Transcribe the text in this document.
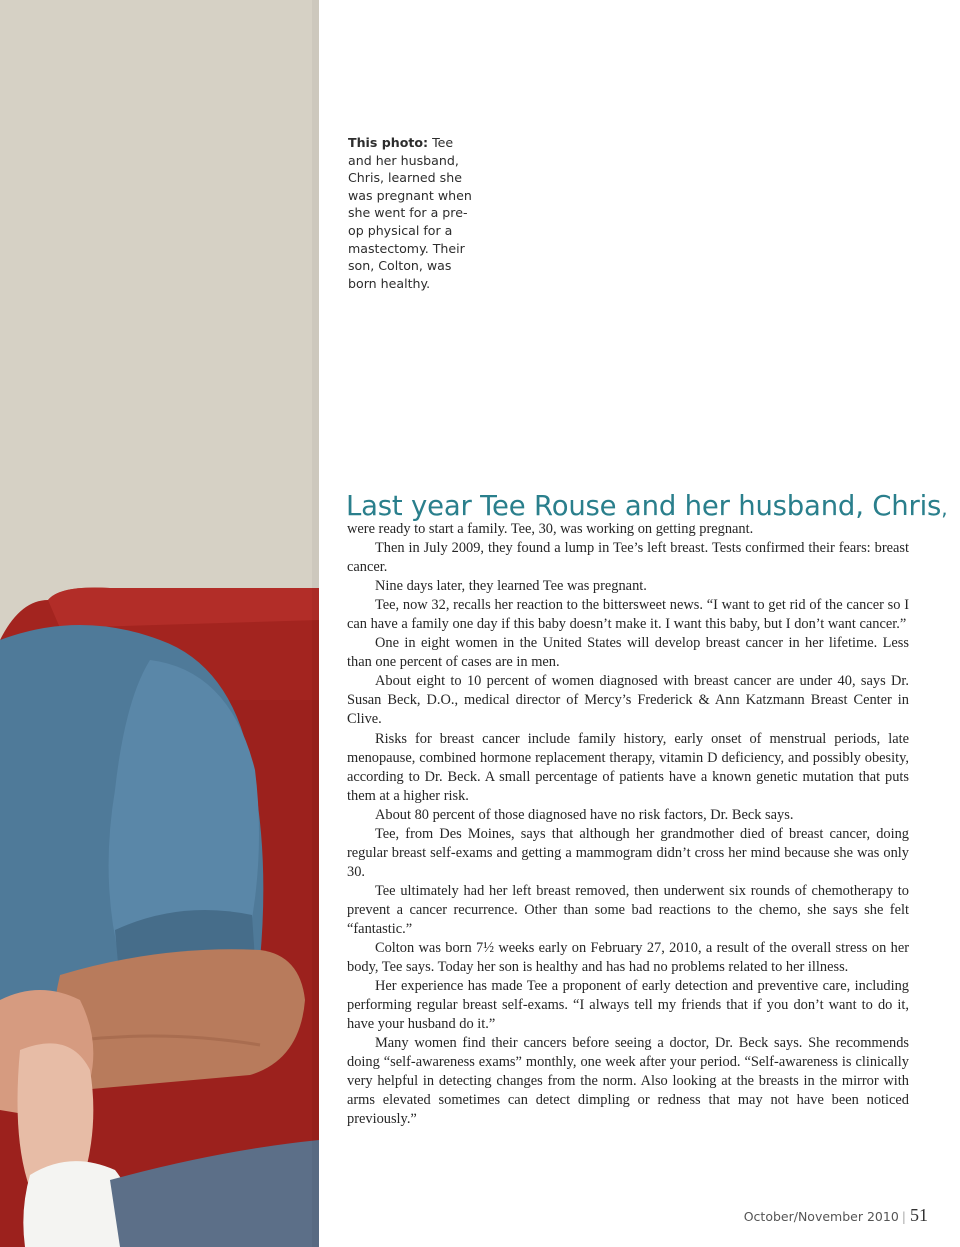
This photo: Tee and her husband, Chris, learned she was pregnant when she went for a pre-op physical for a mastectomy. Their son, Colton, was born healthy.
Last year Tee Rouse and her husband, Chris,

were ready to start a family. Tee, 30, was working on getting pregnant.

Then in July 2009, they found a lump in Tee’s left breast. Tests confirmed their fears: breast cancer.

Nine days later, they learned Tee was pregnant.

Tee, now 32, recalls her reaction to the bittersweet news. “I want to get rid of the cancer so I can have a family one day if this baby doesn’t make it. I want this baby, but I don’t want cancer.”

One in eight women in the United States will develop breast cancer in her lifetime. Less than one percent of cases are in men.

About eight to 10 percent of women diagnosed with breast cancer are under 40, says Dr. Susan Beck, D.O., medical director of Mercy’s Frederick & Ann Katzmann Breast Center in Clive.

Risks for breast cancer include family history, early onset of menstrual periods, late menopause, combined hormone replacement therapy, vitamin D deficiency, and possibly obesity, according to Dr. Beck. A small percentage of patients have a known genetic mutation that puts them at a higher risk.

About 80 percent of those diagnosed have no risk factors, Dr. Beck says.

Tee, from Des Moines, says that although her grandmother died of breast cancer, doing regular breast self-exams and getting a mammogram didn’t cross her mind because she was only 30.

Tee ultimately had her left breast removed, then underwent six rounds of chemotherapy to prevent a cancer recurrence. Other than some bad reactions to the chemo, she says she felt “fantastic.”

Colton was born 7½ weeks early on February 27, 2010, a result of the overall stress on her body, Tee says. Today her son is healthy and has had no problems related to her illness.

Her experience has made Tee a proponent of early detection and preventive care, including performing regular breast self-exams. “I always tell my friends that if you don’t want to do it, have your husband do it.”

Many women find their cancers before seeing a doctor, Dr. Beck says. She recommends doing “self-awareness exams” monthly, one week after your period. “Self-awareness is clinically very helpful in detecting changes from the norm. Also looking at the breasts in the mirror with arms elevated sometimes can detect dimpling or redness that may not have been noticed previously.”

October/November 2010 | 51
